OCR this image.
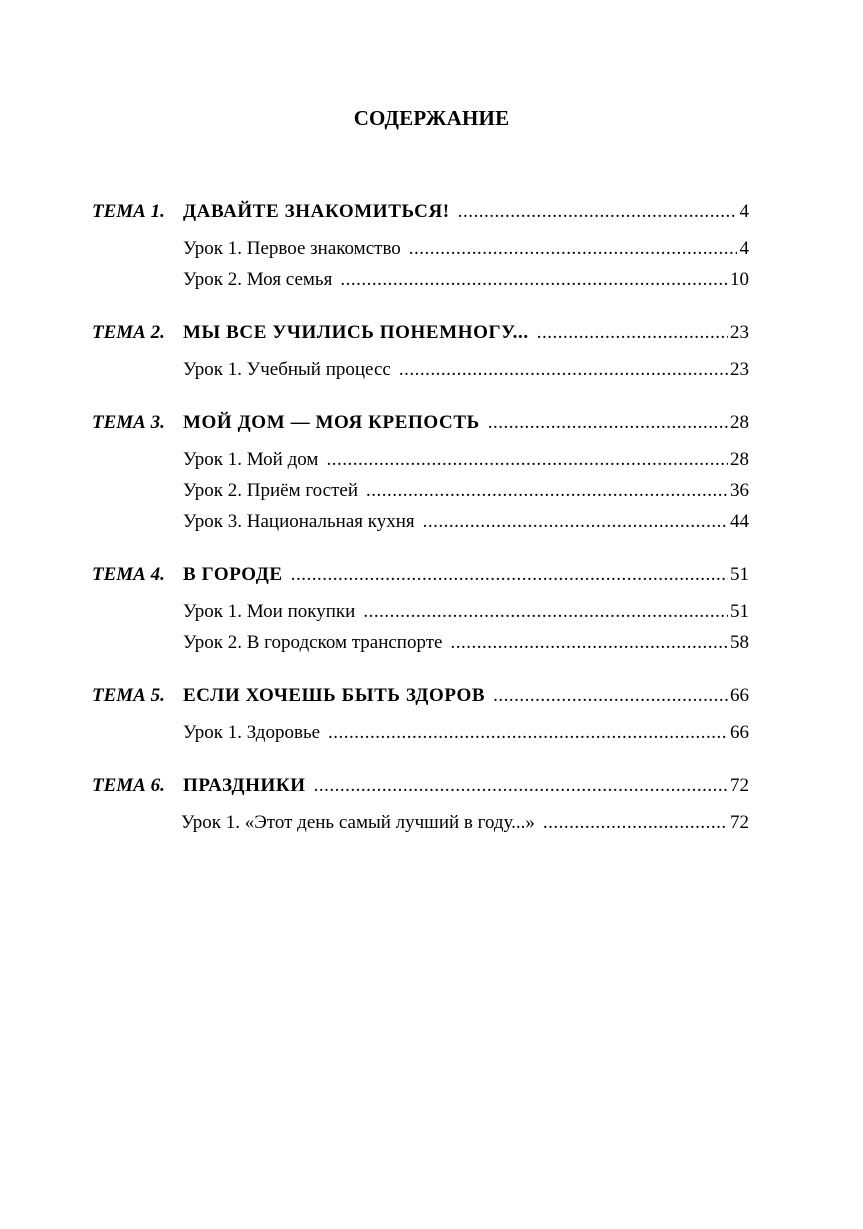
СОДЕРЖАНИЕ
ТЕМА 1. ДАВАЙТЕ ЗНАКОМИТЬСЯ! .....	4
Урок 1. Первое знакомство .....	4
Урок 2. Моя семья .....	10
ТЕМА 2. МЫ ВСЕ УЧИЛИСЬ ПОНЕМНОГУ... .....	23
Урок 1. Учебный процесс .....	23
ТЕМА 3. МОЙ ДОМ — МОЯ КРЕПОСТЬ .....	28
Урок 1. Мой дом .....	28
Урок 2. Приём гостей .....	36
Урок 3. Национальная кухня .....	44
ТЕМА 4. В ГОРОДЕ .....	51
Урок 1. Мои покупки .....	51
Урок 2. В городском транспорте .....	58
ТЕМА 5. ЕСЛИ ХОЧЕШЬ БЫТЬ ЗДОРОВ .....	66
Урок 1. Здоровье .....	66
ТЕМА 6. ПРАЗДНИКИ .....	72
Урок 1. «Этот день самый лучший в году...» .....	72
